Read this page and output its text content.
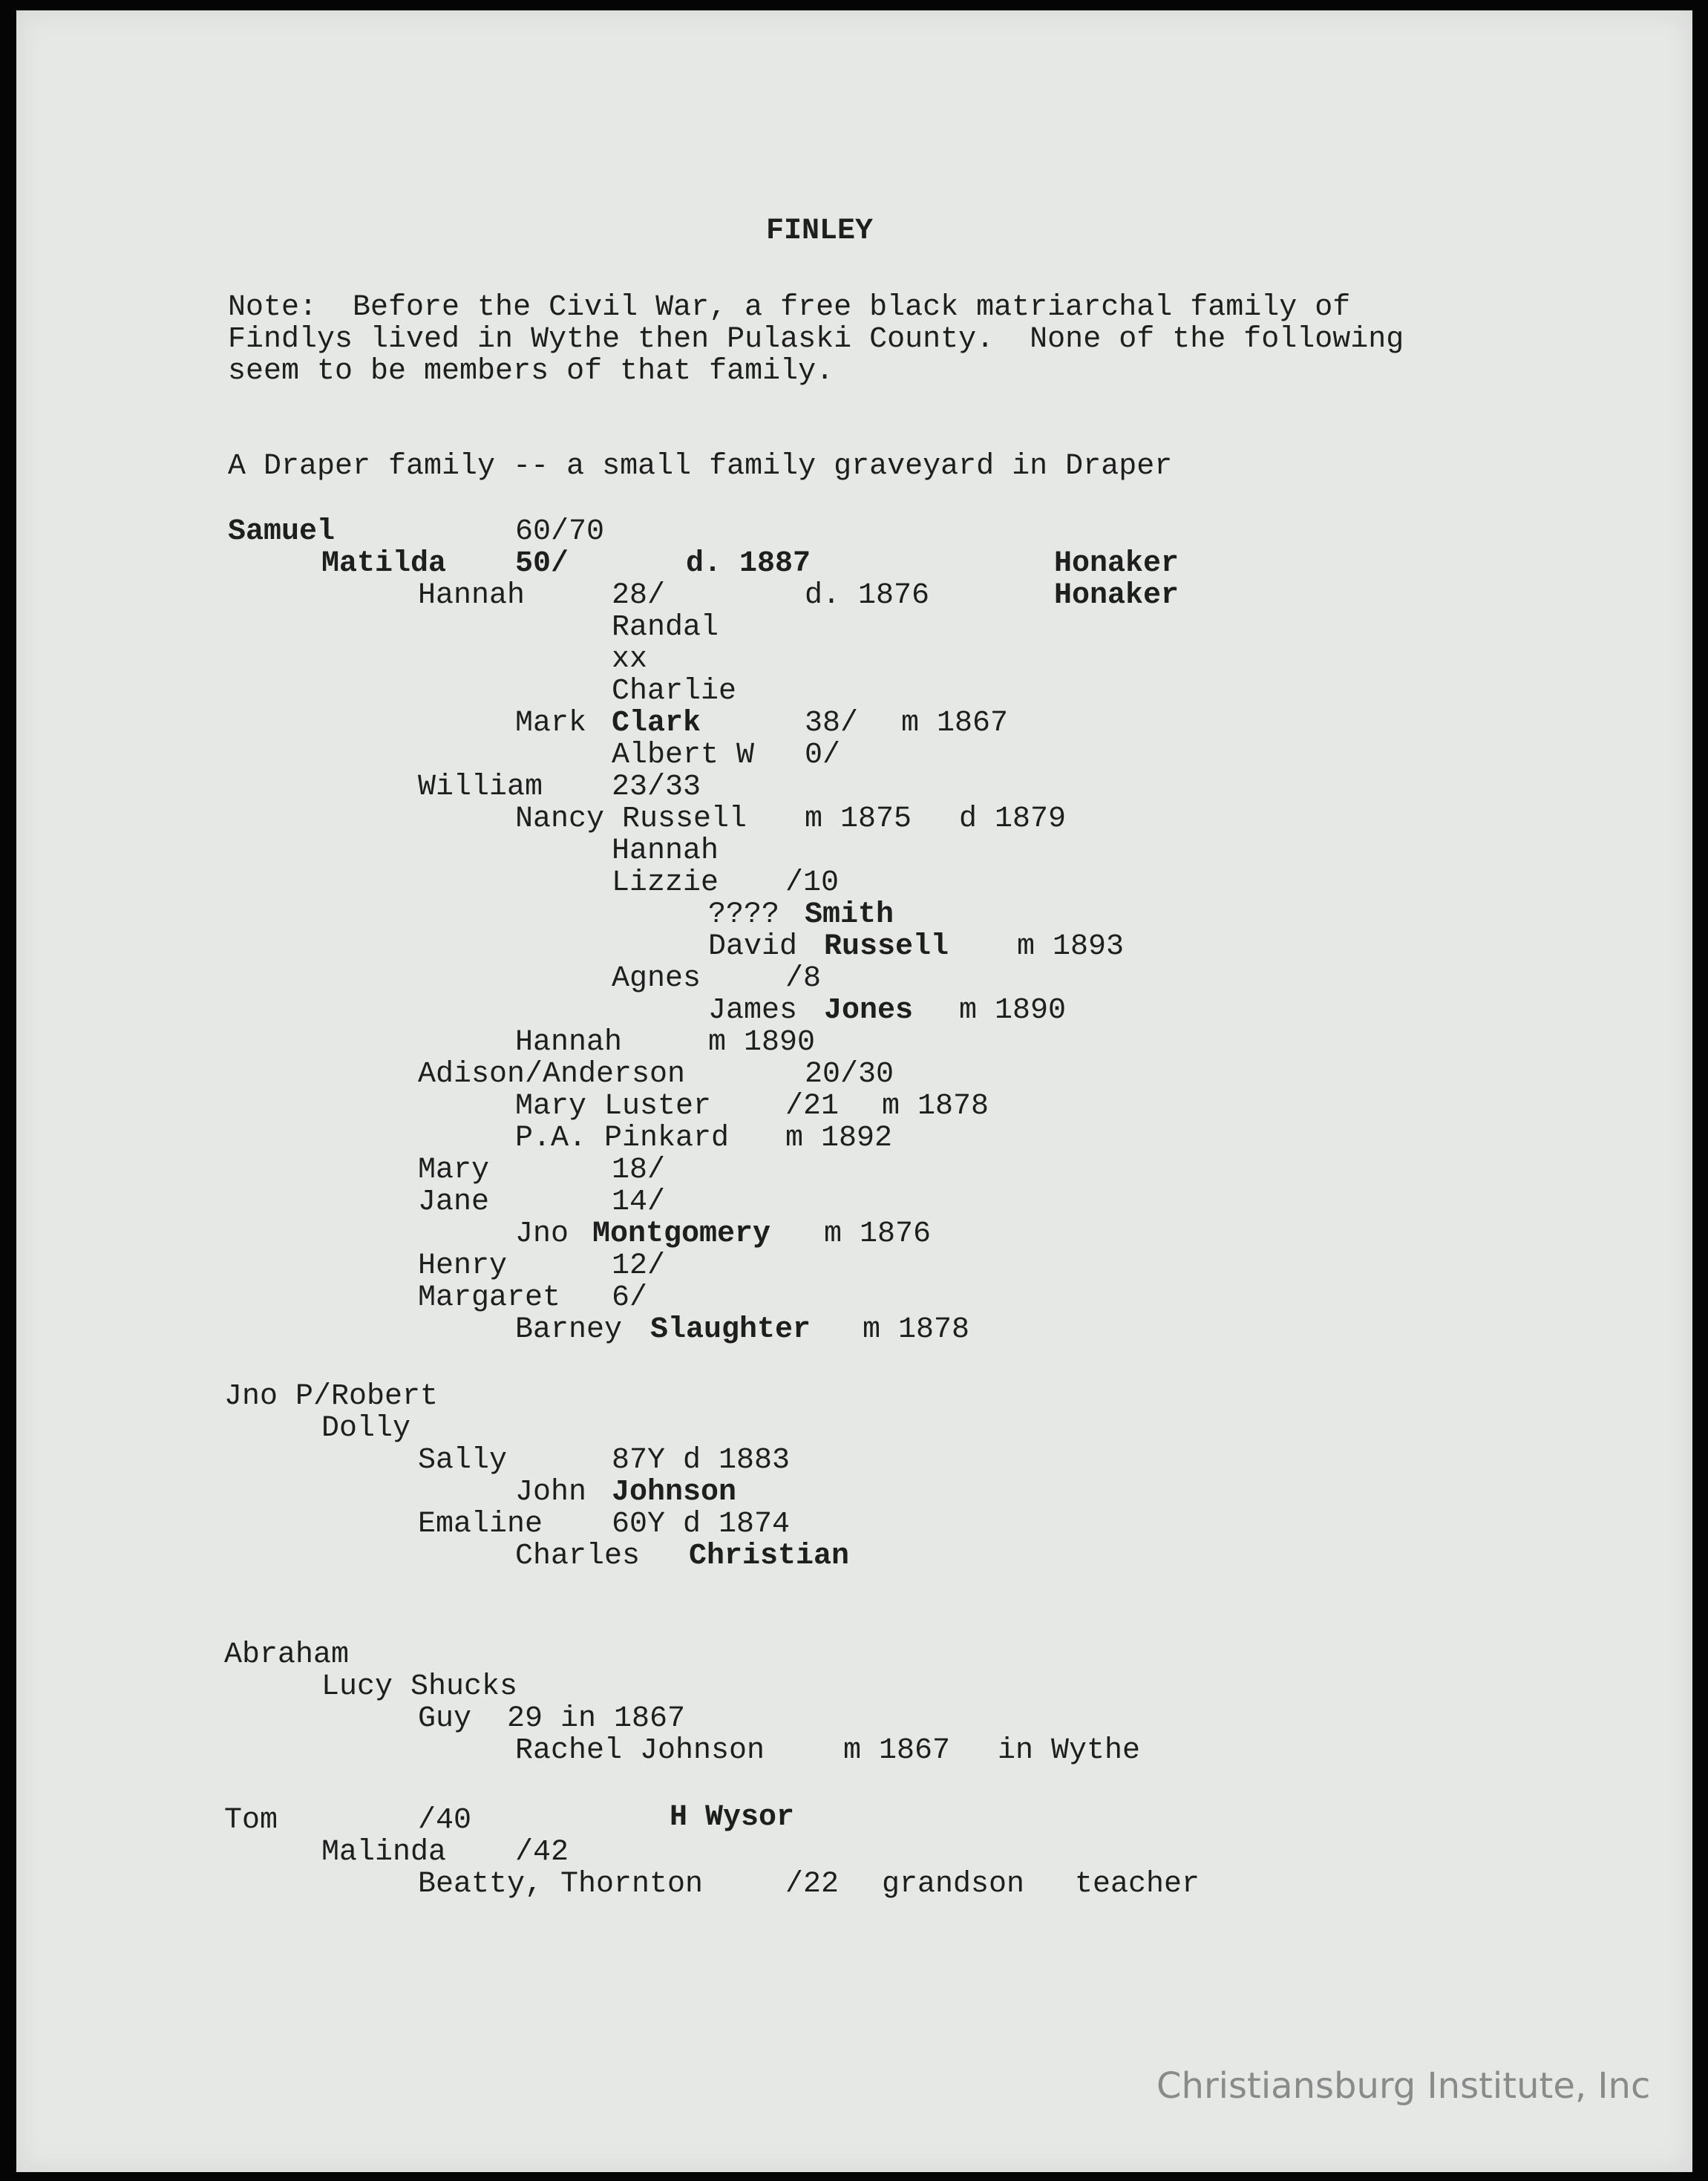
FINLEY
Note:  Before the Civil War, a free black matriarchal family of
Findlys lived in Wythe then Pulaski County.  None of the following
seem to be members of that family.
A Draper family -- a small family graveyard in Draper
Samuel	60/70
Matilda 50/	d. 1887	Honaker
Hannah	28/	d. 1876	Honaker
Randal
xx
Charlie
Mark Clark	38/ m 1867
Albert W 0/
William 23/33
Nancy Russell m 1875 d 1879
Hannah
Lizzie /10
???? Smith
David Russell m 1893
Agnes	/8
James Jones m 1890
Hannah	m 1890
Adison/Anderson	20/30
Mary Luster /21 m 1878
P.A. Pinkard m 1892
Mary	18/
Jane	14/
Jno Montgomery m 1876
Henry	12/
Margaret 6/
Barney Slaughter m 1878
Jno P/Robert
Dolly
Sally	87Y d 1883
John Johnson
Emaline 60Y d 1874
Charles Christian
Abraham
Lucy Shucks
Guy  29 in 1867
Rachel Johnson	m 1867 in Wythe
Tom	/40	H Wysor
Malinda /42
Beatty, Thornton	/22 grandson teacher
Christiansburg Institute, Inc
